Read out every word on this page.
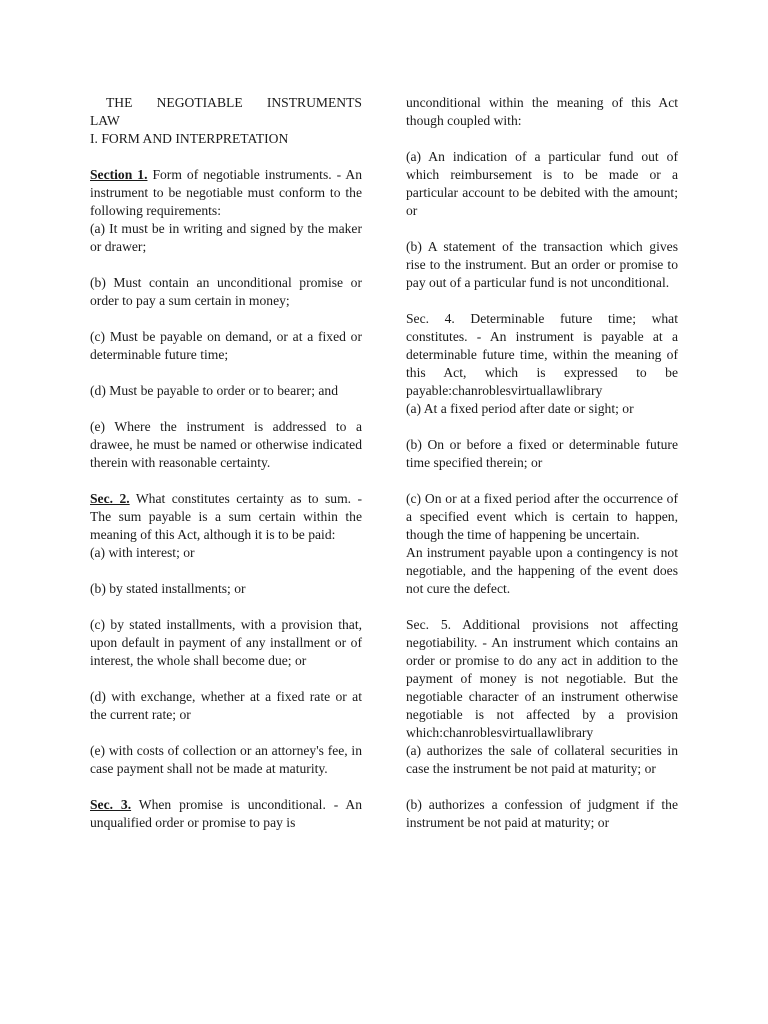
THE NEGOTIABLE INSTRUMENTS

LAW

I. FORM AND INTERPRETATION

Section 1. Form of negotiable instruments. - An instrument to be negotiable must conform to the following requirements:

(a) It must be in writing and signed by the maker or drawer;

(b) Must contain an unconditional promise or order to pay a sum certain in money;

(c) Must be payable on demand, or at a fixed or determinable future time;

(d) Must be payable to order or to bearer; and

(e) Where the instrument is addressed to a drawee, he must be named or otherwise indicated therein with reasonable certainty.

Sec. 2. What constitutes certainty as to sum. - The sum payable is a sum certain within the meaning of this Act, although it is to be paid:

(a) with interest; or

(b) by stated installments; or

(c) by stated installments, with a provision that, upon default in payment of any installment or of interest, the whole shall become due; or

(d) with exchange, whether at a fixed rate or at the current rate; or

(e) with costs of collection or an attorney's fee, in case payment shall not be made at maturity.

Sec. 3. When promise is unconditional. - An unqualified order or promise to pay is

unconditional within the meaning of this Act though coupled with:

(a) An indication of a particular fund out of which reimbursement is to be made or a particular account to be debited with the amount; or

(b) A statement of the transaction which gives rise to the instrument. But an order or promise to pay out of a particular fund is not unconditional.

Sec. 4. Determinable future time; what constitutes. - An instrument is payable at a determinable future time, within the meaning of this Act, which is expressed to be payable:chanroblesvirtuallawlibrary

(a) At a fixed period after date or sight; or

(b) On or before a fixed or determinable future time specified therein; or

(c) On or at a fixed period after the occurrence of a specified event which is certain to happen, though the time of happening be uncertain.

An instrument payable upon a contingency is not negotiable, and the happening of the event does not cure the defect.

Sec. 5. Additional provisions not affecting negotiability. - An instrument which contains an order or promise to do any act in addition to the payment of money is not negotiable. But the negotiable character of an instrument otherwise negotiable is not affected by a provision which:chanroblesvirtuallawlibrary

(a) authorizes the sale of collateral securities in case the instrument be not paid at maturity; or

(b) authorizes a confession of judgment if the instrument be not paid at maturity; or
